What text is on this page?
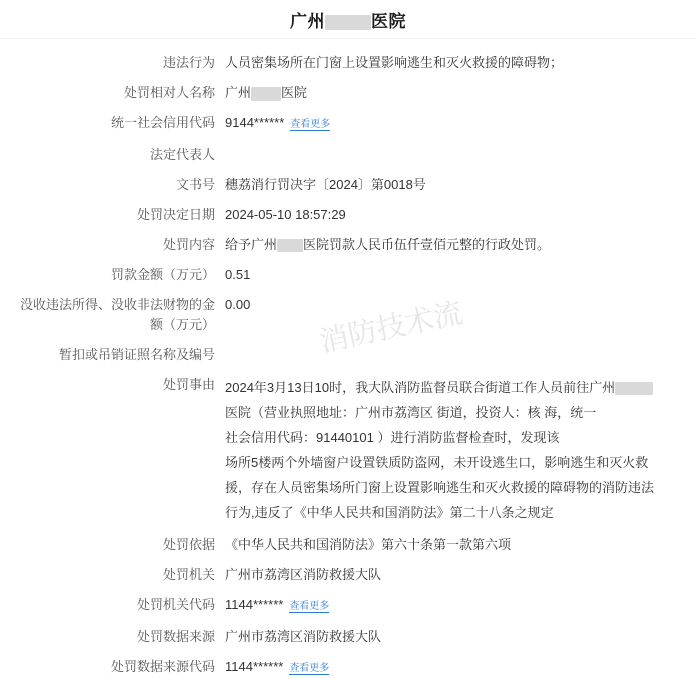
广州	医院
违法行为 人员密集场所在门窗上设置影响逃生和灭火救援的障碍物；
处罚相对人名称 广州 医院
统一社会信用代码 9144****** 查看更多
法定代表人
文书号 穗荔消行罚决字〔2024〕第0018号
处罚决定日期 2024-05-10 18:57:29
处罚内容 给予广州 医院罚款人民币伍仟壹佰元整的行政处罚。
罚款金额（万元） 0.51
没收违法所得、没收非法财物的金额（万元）
0.00
暂扣或吊销证照名称及编号
处罚事由 2024年3月13日10时，我大队消防监督员联合街道工作人员前往广州
医院（营业执照地址：广州市荔湾区 街道，投资人：核 海，统一
社会信用代码：91440101 ）进行消防监督检查时，发现该
场所5楼两个外墙窗户设置铁质防盗网，未开设逃生口，影响逃生和灭火救
援，存在人员密集场所门窗上设置影响逃生和灭火救援的障碍物的消防违法
行为,违反了《中华人民共和国消防法》第二十八条之规定
处罚依据 《中华人民共和国消防法》第六十条第一款第六项
处罚机关 广州市荔湾区消防救援大队
处罚机关代码 1144****** 查看更多
处罚数据来源 广州市荔湾区消防救援大队
处罚数据来源代码 1144****** 查看更多
消防技术流
